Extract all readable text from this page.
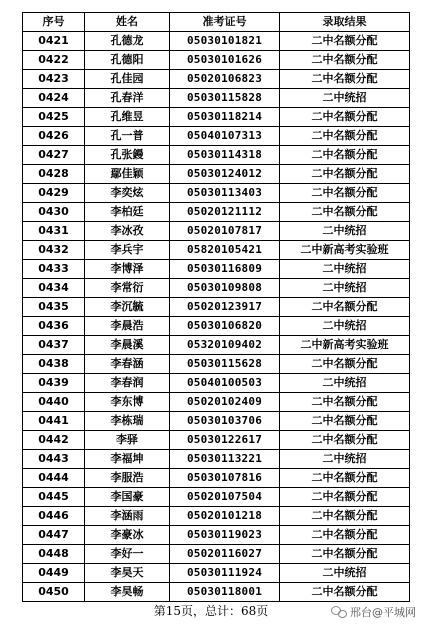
序号	姓名	准考证号	录取结果
0421	孔德龙	05030101821	二中名额分配
0422	孔德阳	05030101626	二中名额分配
0423	孔佳园	05020106823	二中名额分配
0424	孔春洋	05030115828	二中统招
0425	孔维昱	05030118214	二中名额分配
0426	孔一普	05040107313	二中名额分配
0427	孔张鏝	05030114318	二中名额分配
0428	鄢佳颖	05030124012	二中名额分配
0429	李奕炫	05030113403	二中名额分配
0430	李柏廷	05020121112	二中名额分配
0431	李冰孜	05020107817	二中统招
0432	李兵宇	05820105421	二中新高考实验班
0433	李博泽	05030116809	二中统招
0434	李常衍	05030109808	二中统招
0435	李沉毓	05020123917	二中名额分配
0436	李晨浩	05030106820	二中统招
0437	李晨溪	05320109402	二中新高考实验班
0438	李春涵	05030115628	二中名额分配
0439	李春润	05040100503	二中统招
0440	李东博	05020102409	二中名额分配
0441	李栋瑞	05030103706	二中名额分配
0442	李驿	05030122617	二中名额分配
0443	李福坤	05030113221	二中统招
0444	李服浩	05030107816	二中名额分配
0445	李国豪	05020107504	二中名额分配
0446	李涵雨	05020101218	二中名额分配
0447	李豪冰	05030119023	二中名额分配
0448	李好一	05020116027	二中名额分配
0449	李昊天	05030111924	二中统招
0450	李昊畅	05030118001	二中名额分配
第15页，总计：68页	邢台@平城网
